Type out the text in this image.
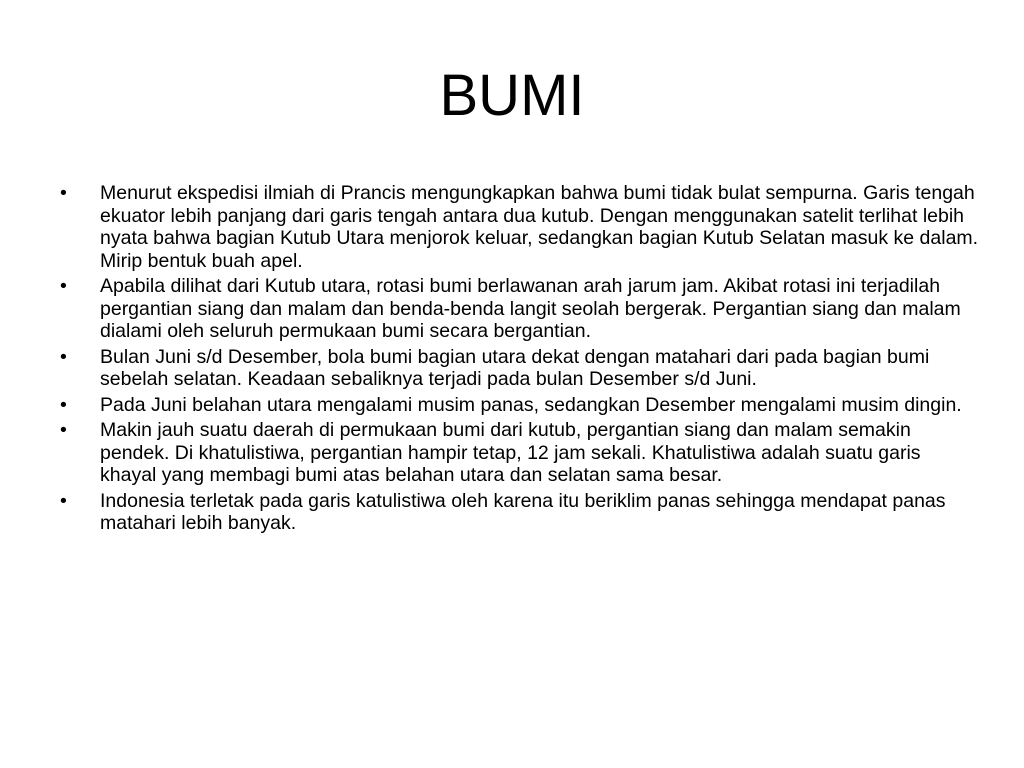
BUMI
•	Menurut ekspedisi ilmiah di Prancis mengungkapkan bahwa bumi tidak bulat sempurna. Garis tengah ekuator lebih panjang dari garis tengah antara dua kutub. Dengan menggunakan satelit terlihat lebih nyata bahwa bagian Kutub Utara menjorok keluar, sedangkan bagian Kutub Selatan masuk ke dalam. Mirip bentuk buah apel.
•	Apabila dilihat dari Kutub utara, rotasi bumi berlawanan arah jarum jam. Akibat rotasi ini terjadilah pergantian siang dan malam dan benda-benda langit seolah bergerak. Pergantian siang dan malam dialami oleh seluruh permukaan bumi secara bergantian.
•	Bulan Juni s/d Desember, bola bumi bagian utara dekat dengan matahari dari pada bagian bumi sebelah selatan. Keadaan sebaliknya terjadi pada bulan Desember s/d Juni.
•	Pada Juni belahan utara mengalami musim panas, sedangkan Desember mengalami musim dingin.
•	Makin jauh suatu daerah di permukaan bumi dari kutub, pergantian siang dan malam semakin pendek. Di khatulistiwa, pergantian hampir tetap, 12 jam sekali. Khatulistiwa adalah suatu garis khayal yang membagi bumi atas belahan utara dan selatan sama besar.
•	Indonesia terletak pada garis katulistiwa oleh karena itu beriklim panas sehingga mendapat panas matahari lebih banyak.
